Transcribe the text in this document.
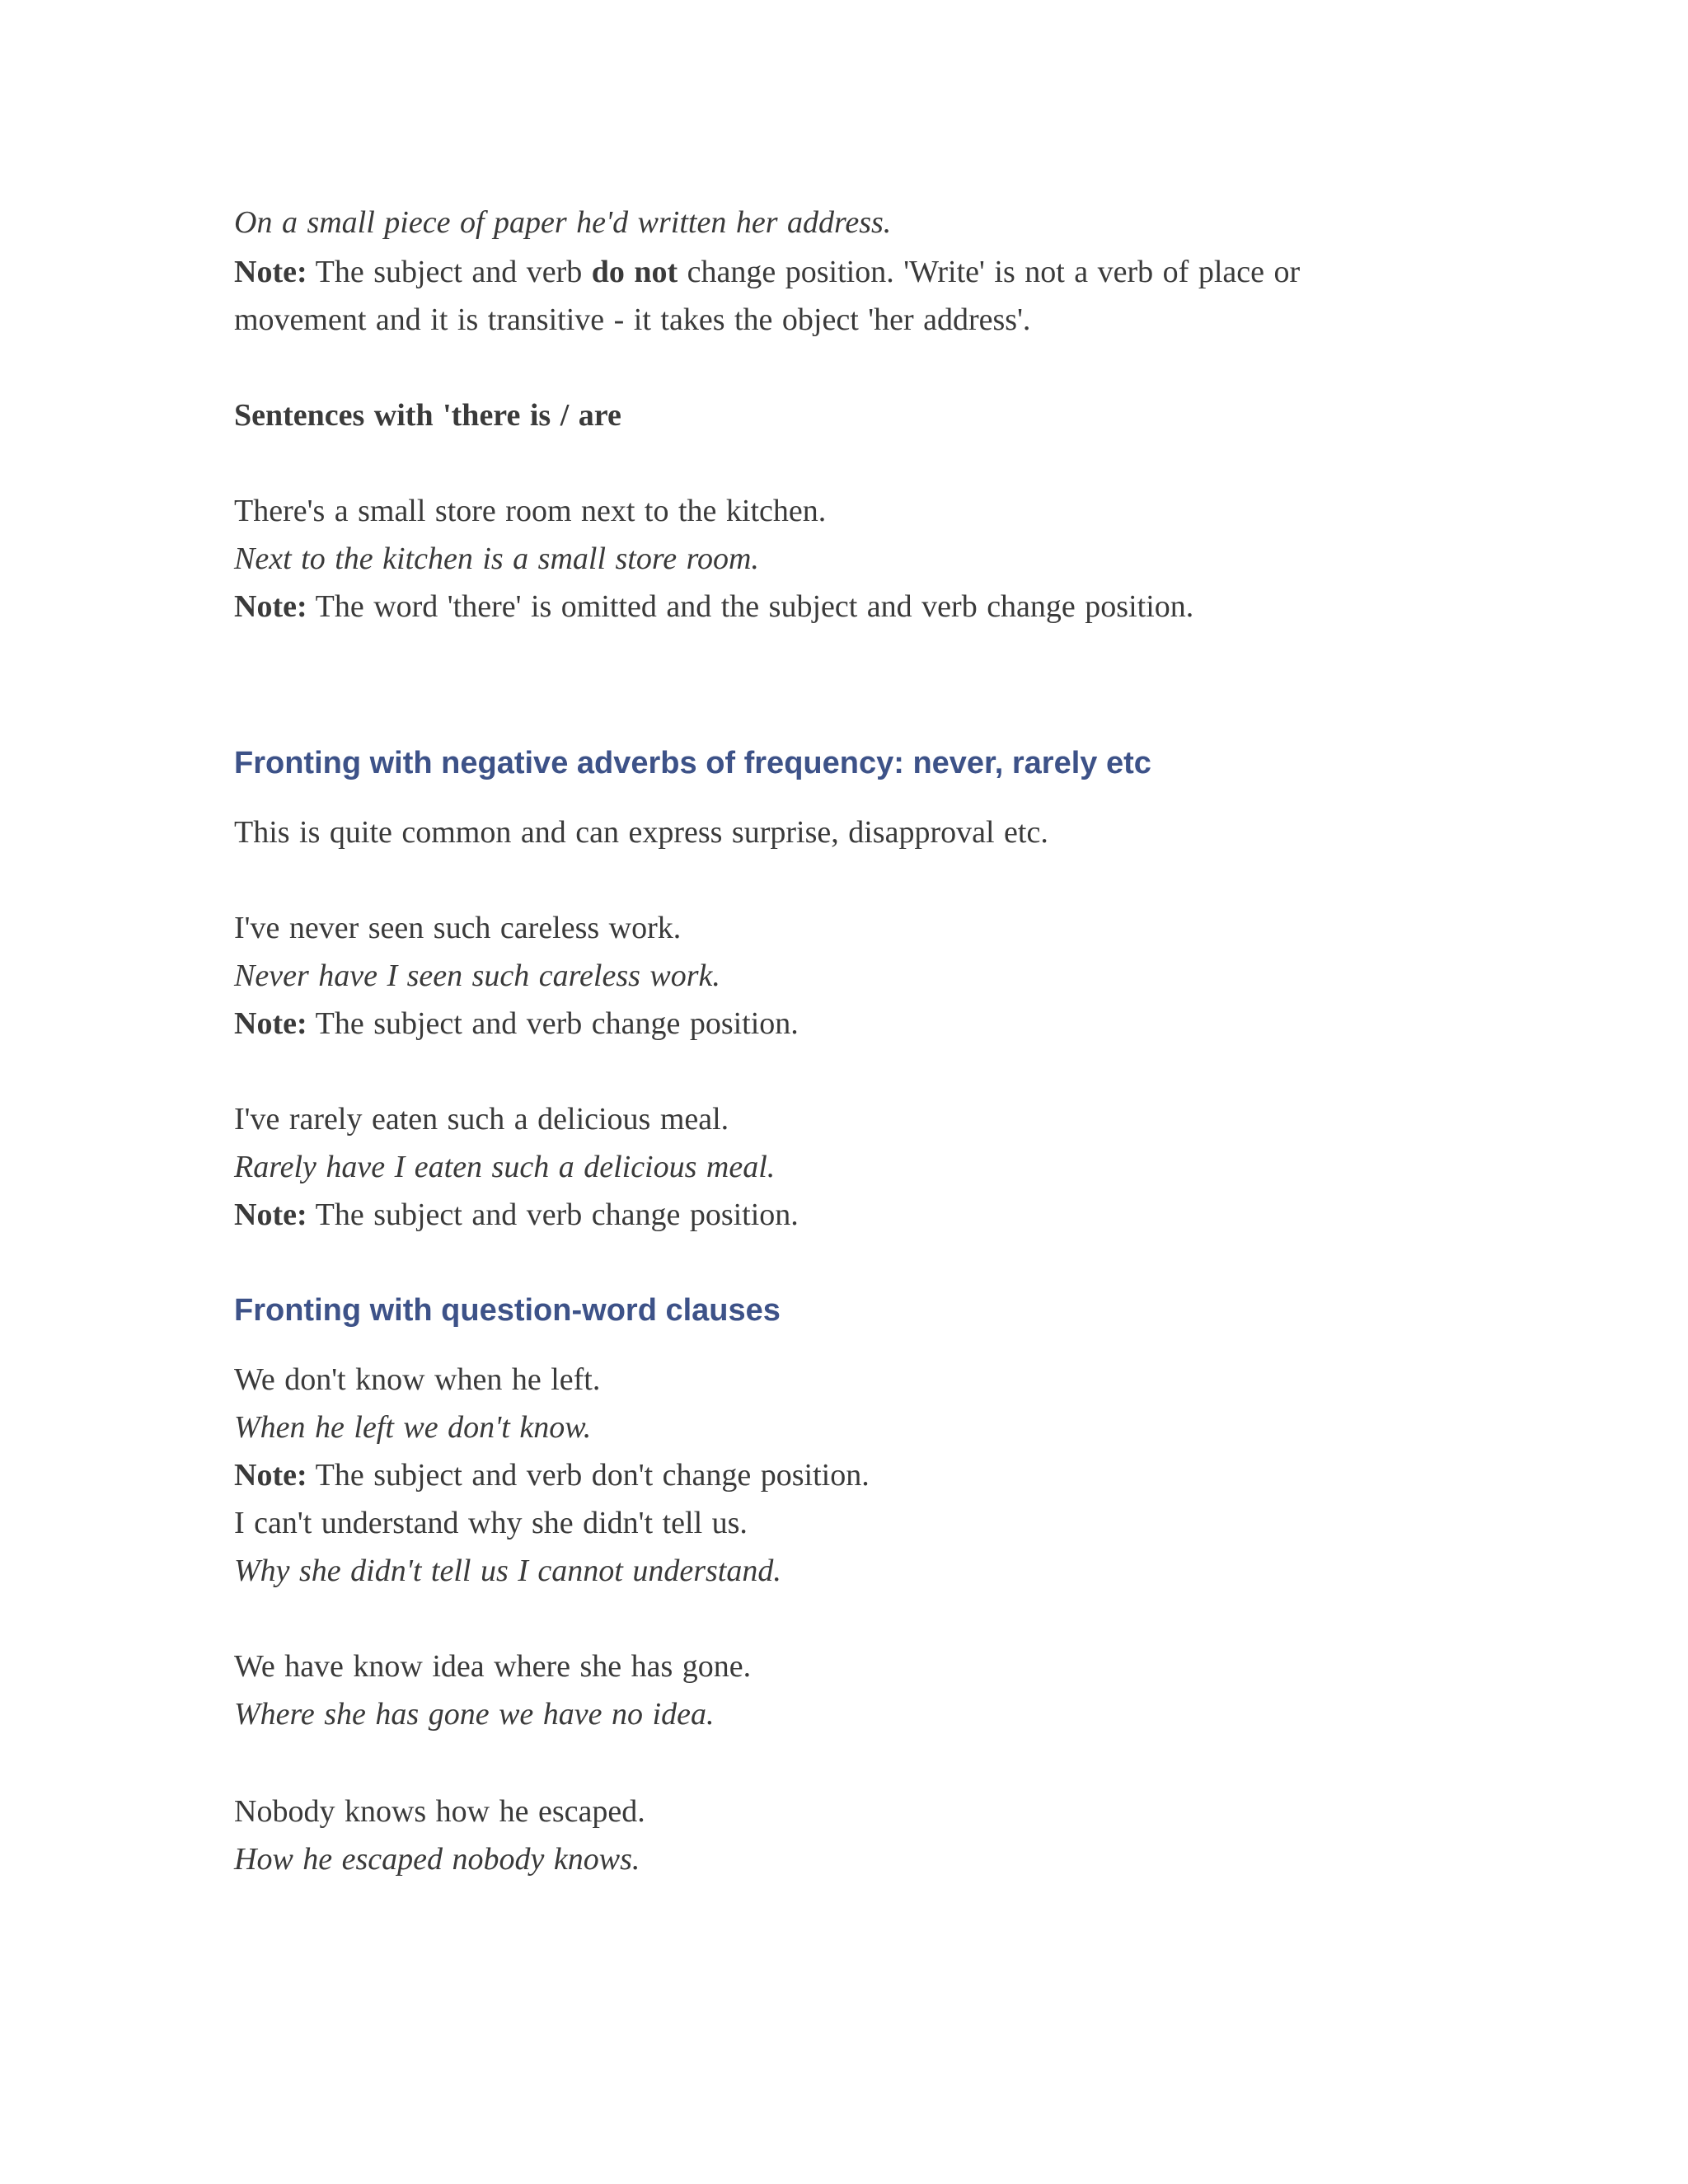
On a small piece of paper he'd written her address.
Note: The subject and verb do not change position. 'Write' is not a verb of place or
movement and it is transitive - it takes the object 'her address'.
Sentences with 'there is / are
There's a small store room next to the kitchen.
Next to the kitchen is a small store room.
Note: The word 'there' is omitted and the subject and verb change position.
Fronting with negative adverbs of frequency: never, rarely etc
This is quite common and can express surprise, disapproval etc.
I've never seen such careless work.
Never have I seen such careless work.
Note: The subject and verb change position.
I've rarely eaten such a delicious meal.
Rarely have I eaten such a delicious meal.
Note: The subject and verb change position.
Fronting with question-word clauses
We don't know when he left.
When he left we don't know.
Note: The subject and verb don't change position.
I can't understand why she didn't tell us.
Why she didn't tell us I cannot understand.
We have know idea where she has gone.
Where she has gone we have no idea.
Nobody knows how he escaped.
How he escaped nobody knows.
